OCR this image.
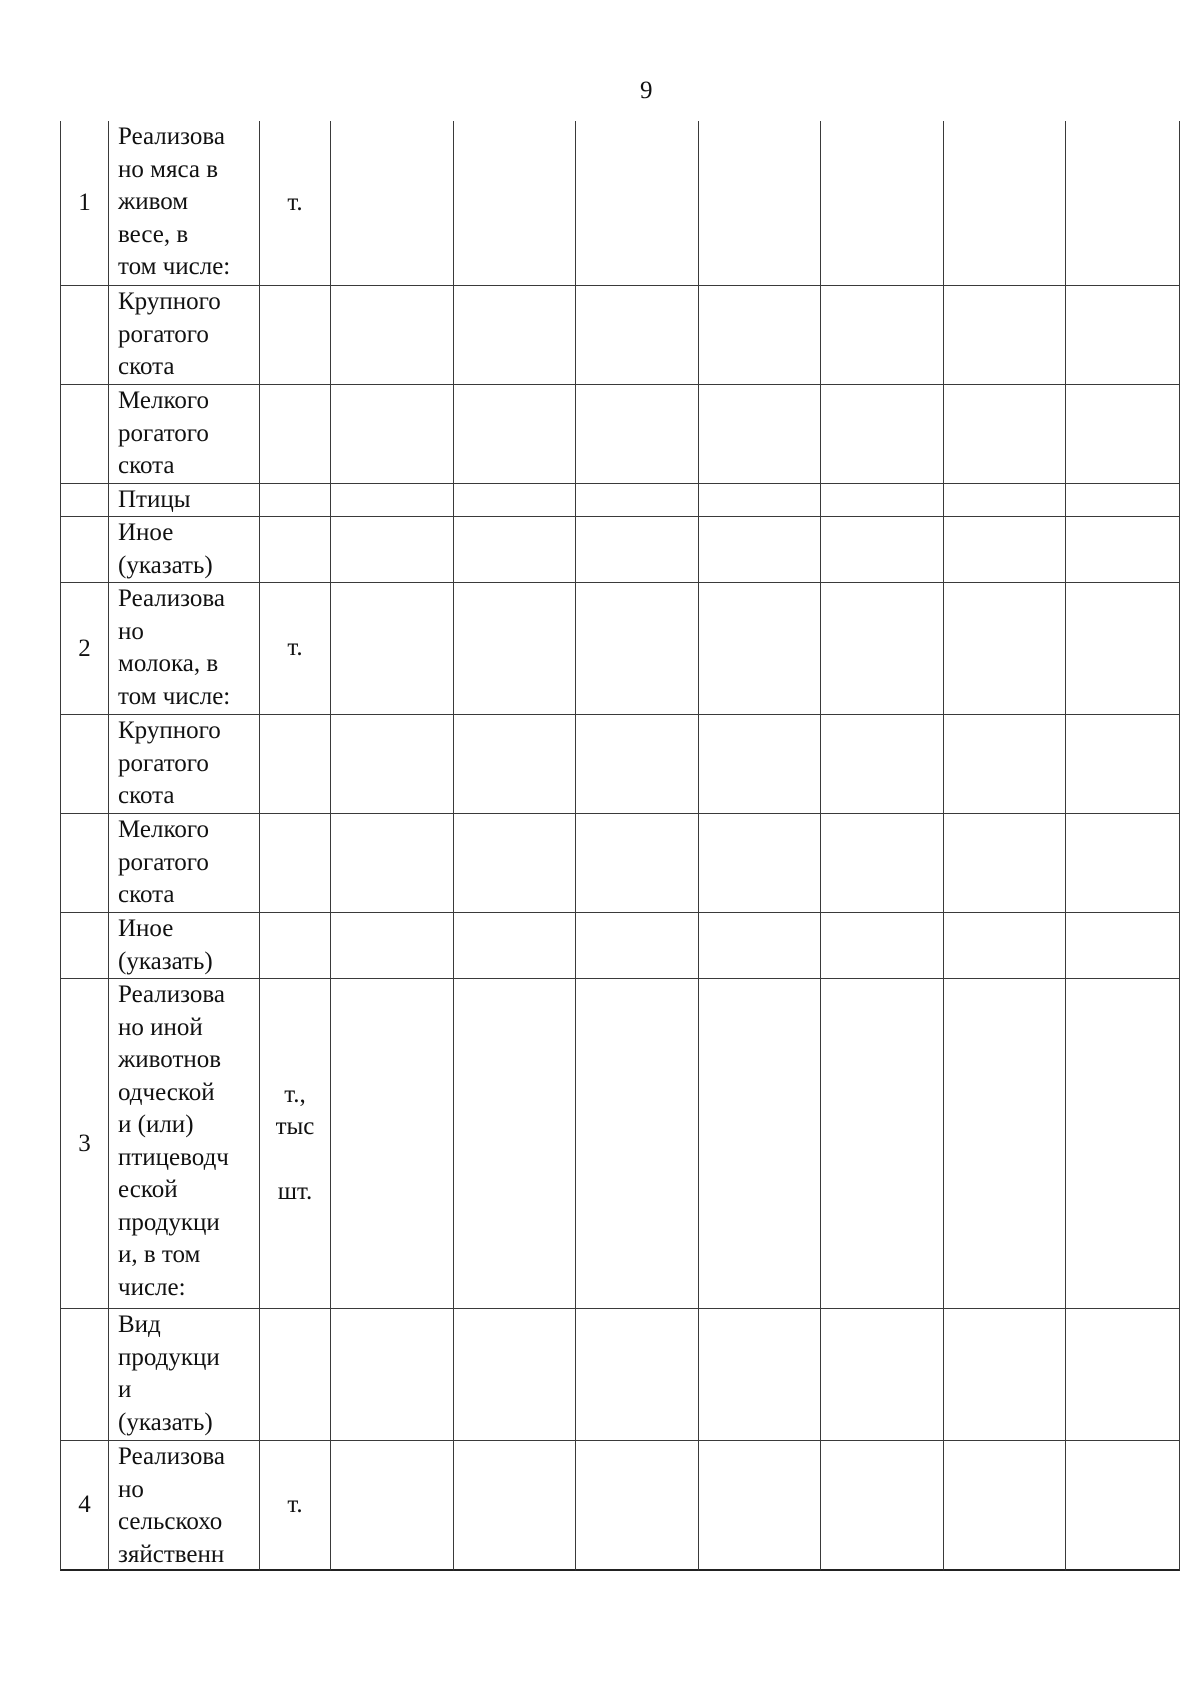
9
1
Реализова
но мяса в
живом
весе, в
том числе:
т.
Крупного
рогатого
скота
Мелкого
рогатого
скота
Птицы
Иное
(указать)
2
Реализова
но
молока, в
том числе:
т.
Крупного
рогатого
скота
Мелкого
рогатого
скота
Иное
(указать)
3
Реализова
но иной
животнов
одческой
и (или)
птицеводч
еской
продукци
и, в том
числе:
т.,
тыс

шт.
Вид
продукци
и
(указать)
4
Реализова
но
сельскохо
зяйственн
т.
